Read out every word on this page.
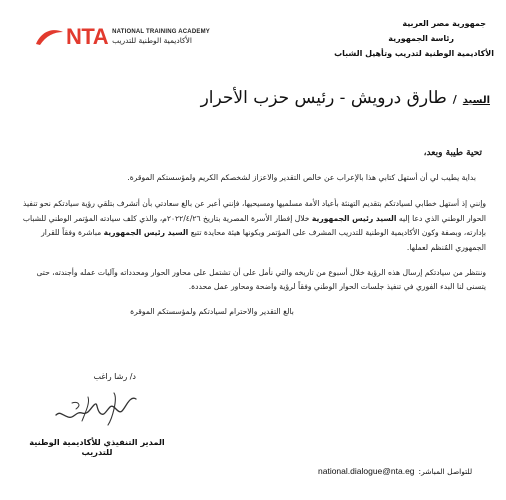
NTA NATIONAL TRAINING ACADEMY
الأكاديمية الوطنية للتدريب
جمهورية مصر العربية
رئاسة الجمهورية
الأكاديمية الوطنية لتدريب وتأهيل الشباب
السيد
/
طارق درويش - رئيس حزب الأحرار

تحية طيبة وبعد،

بداية يطيب لي أن أستهل كتابي هذا بالإعراب عن خالص التقدير والاعزاز لشخصكم الكريم ولمؤسستكم الموقرة.

وإنني إذ أستهل خطابي لسيادتكم بتقديم التهنئة بأعياد الأمة مسلميها ومسيحيها، فإنني أعبر عن بالغ سعادتي بأن أتشرف بتلقي رؤية سيادتكم نحو تنفيذ الحوار الوطني الذي دعا إليه السيد رئيس الجمهورية خلال إفطار الأسرة المصرية بتاريخ ٢٠٢٢/٤/٢٦م، والذي كلف سيادته المؤتمر الوطني للشباب بإدارته، وبصفة وكون الأكاديمية الوطنية للتدريب المشرف على المؤتمر وبكونها هيئة محايدة تتبع السيد رئيس الجمهورية مباشرة وفقاً للقرار الجمهوري المُنظم لعملها.

وننتظر من سيادتكم إرسال هذه الرؤية خلال أسبوع من تاريخه والتي نأمل على أن تشتمل على محاور الحوار ومحدداته وآليات عمله وأجندته، حتى يتسنى لنا البدء الفوري في تنفيذ جلسات الحوار الوطني وفقاً لرؤية واضحة ومحاور عمل محددة.

بالغ التقدير والاحترام لسيادتكم ولمؤسستكم الموقرة

د/ رشا راغب
المدير التنفيذي للأكاديمية الوطنية للتدريب
national.dialogue@nta.eg للتواصل المباشر:
